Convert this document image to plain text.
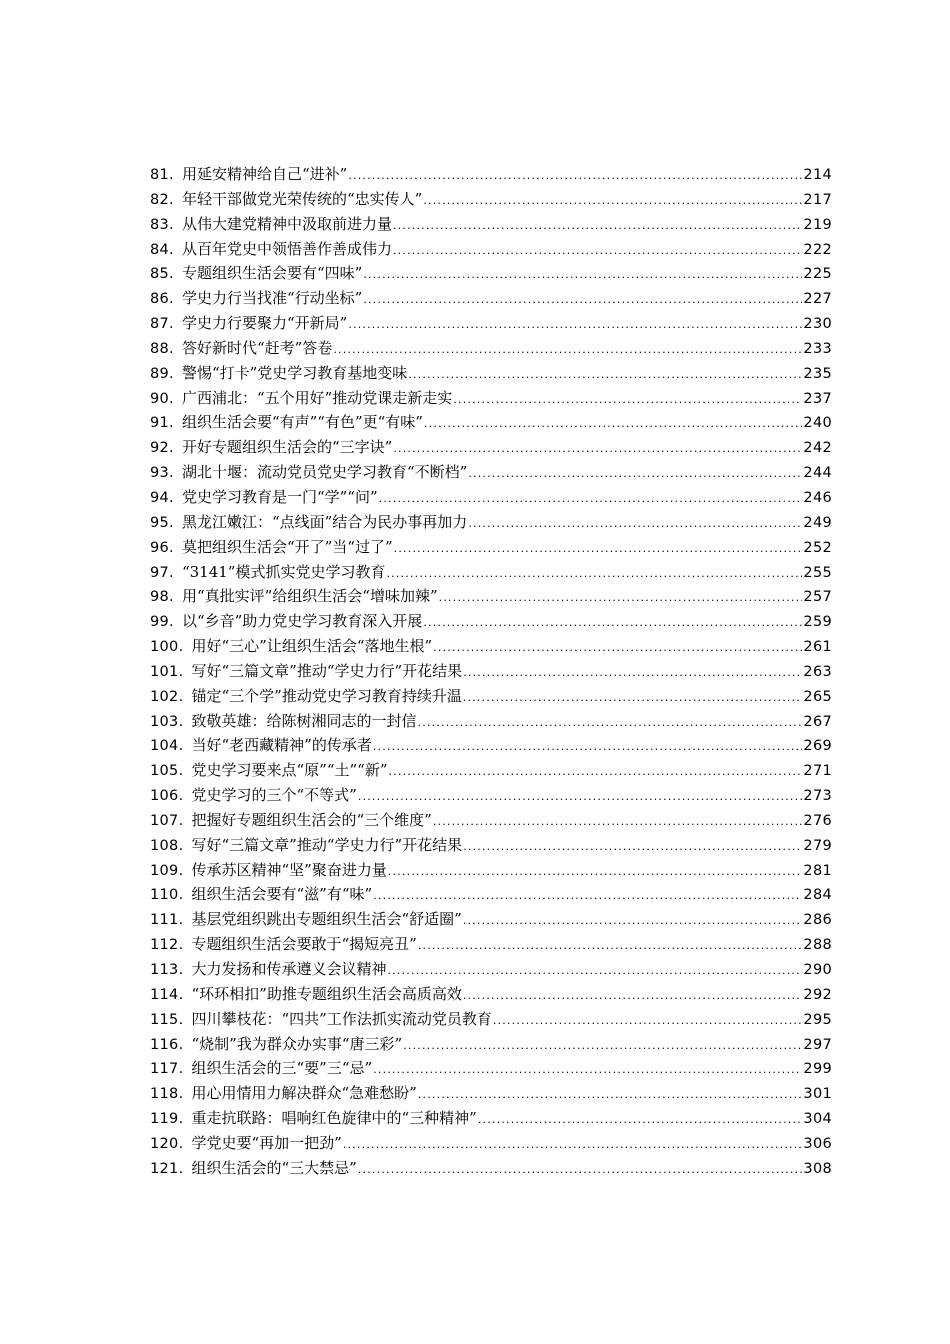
81. 用延安精神给自己“进补” .....	214
82. 年轻干部做党光荣传统的“忠实传人” .....	217
83. 从伟大建党精神中汲取前进力量 .....	219
84. 从百年党史中领悟善作善成伟力 .....	222
85. 专题组织生活会要有“四味” .....	225
86. 学史力行当找准“行动坐标” .....	227
87. 学史力行要聚力“开新局” .....	230
88. 答好新时代“赶考”答卷 .....	233
89. 警惕“打卡”党史学习教育基地变味 .....	235
90. 广西浦北：“五个用好”推动党课走新走实 .....	237
91. 组织生活会要“有声”“有色”更“有味” .....	240
92. 开好专题组织生活会的“三字诀” .....	242
93. 湖北十堰：流动党员党史学习教育“不断档” .....	244
94. 党史学习教育是一门“学”“问” .....	246
95. 黑龙江嫩江：“点线面”结合为民办事再加力 .....	249
96. 莫把组织生活会“开了”当“过了” .....	252
97. “3141”模式抓实党史学习教育 .....	255
98. 用“真批实评”给组织生活会“增味加辣” .....	257
99. 以“乡音”助力党史学习教育深入开展 .....	259
100. 用好“三心”让组织生活会“落地生根” .....	261
101. 写好“三篇文章”推动“学史力行”开花结果 .....	263
102. 锚定“三个学”推动党史学习教育持续升温 .....	265
103. 致敬英雄：给陈树湘同志的一封信 .....	267
104. 当好“老西藏精神”的传承者 .....	269
105. 党史学习要来点“原”“土”“新” .....	271
106. 党史学习的三个“不等式” .....	273
107. 把握好专题组织生活会的“三个维度” .....	276
108. 写好“三篇文章”推动“学史力行”开花结果 .....	279
109. 传承苏区精神“坚”聚奋进力量 .....	281
110. 组织生活会要有“滋”有“味” .....	284
111. 基层党组织跳出专题组织生活会“舒适圈” .....	286
112. 专题组织生活会要敢于“揭短亮丑” .....	288
113. 大力发扬和传承遵义会议精神 .....	290
114. “环环相扣”助推专题组织生活会高质高效 .....	292
115. 四川攀枝花：“四共”工作法抓实流动党员教育 .....	295
116. “烧制”我为群众办实事“唐三彩” .....	297
117. 组织生活会的三“要”三“忌” .....	299
118. 用心用情用力解决群众“急难愁盼” .....	301
119. 重走抗联路：唱响红色旋律中的“三种精神” .....	304
120. 学党史要“再加一把劲” .....	306
121. 组织生活会的“三大禁忌” .....	308
